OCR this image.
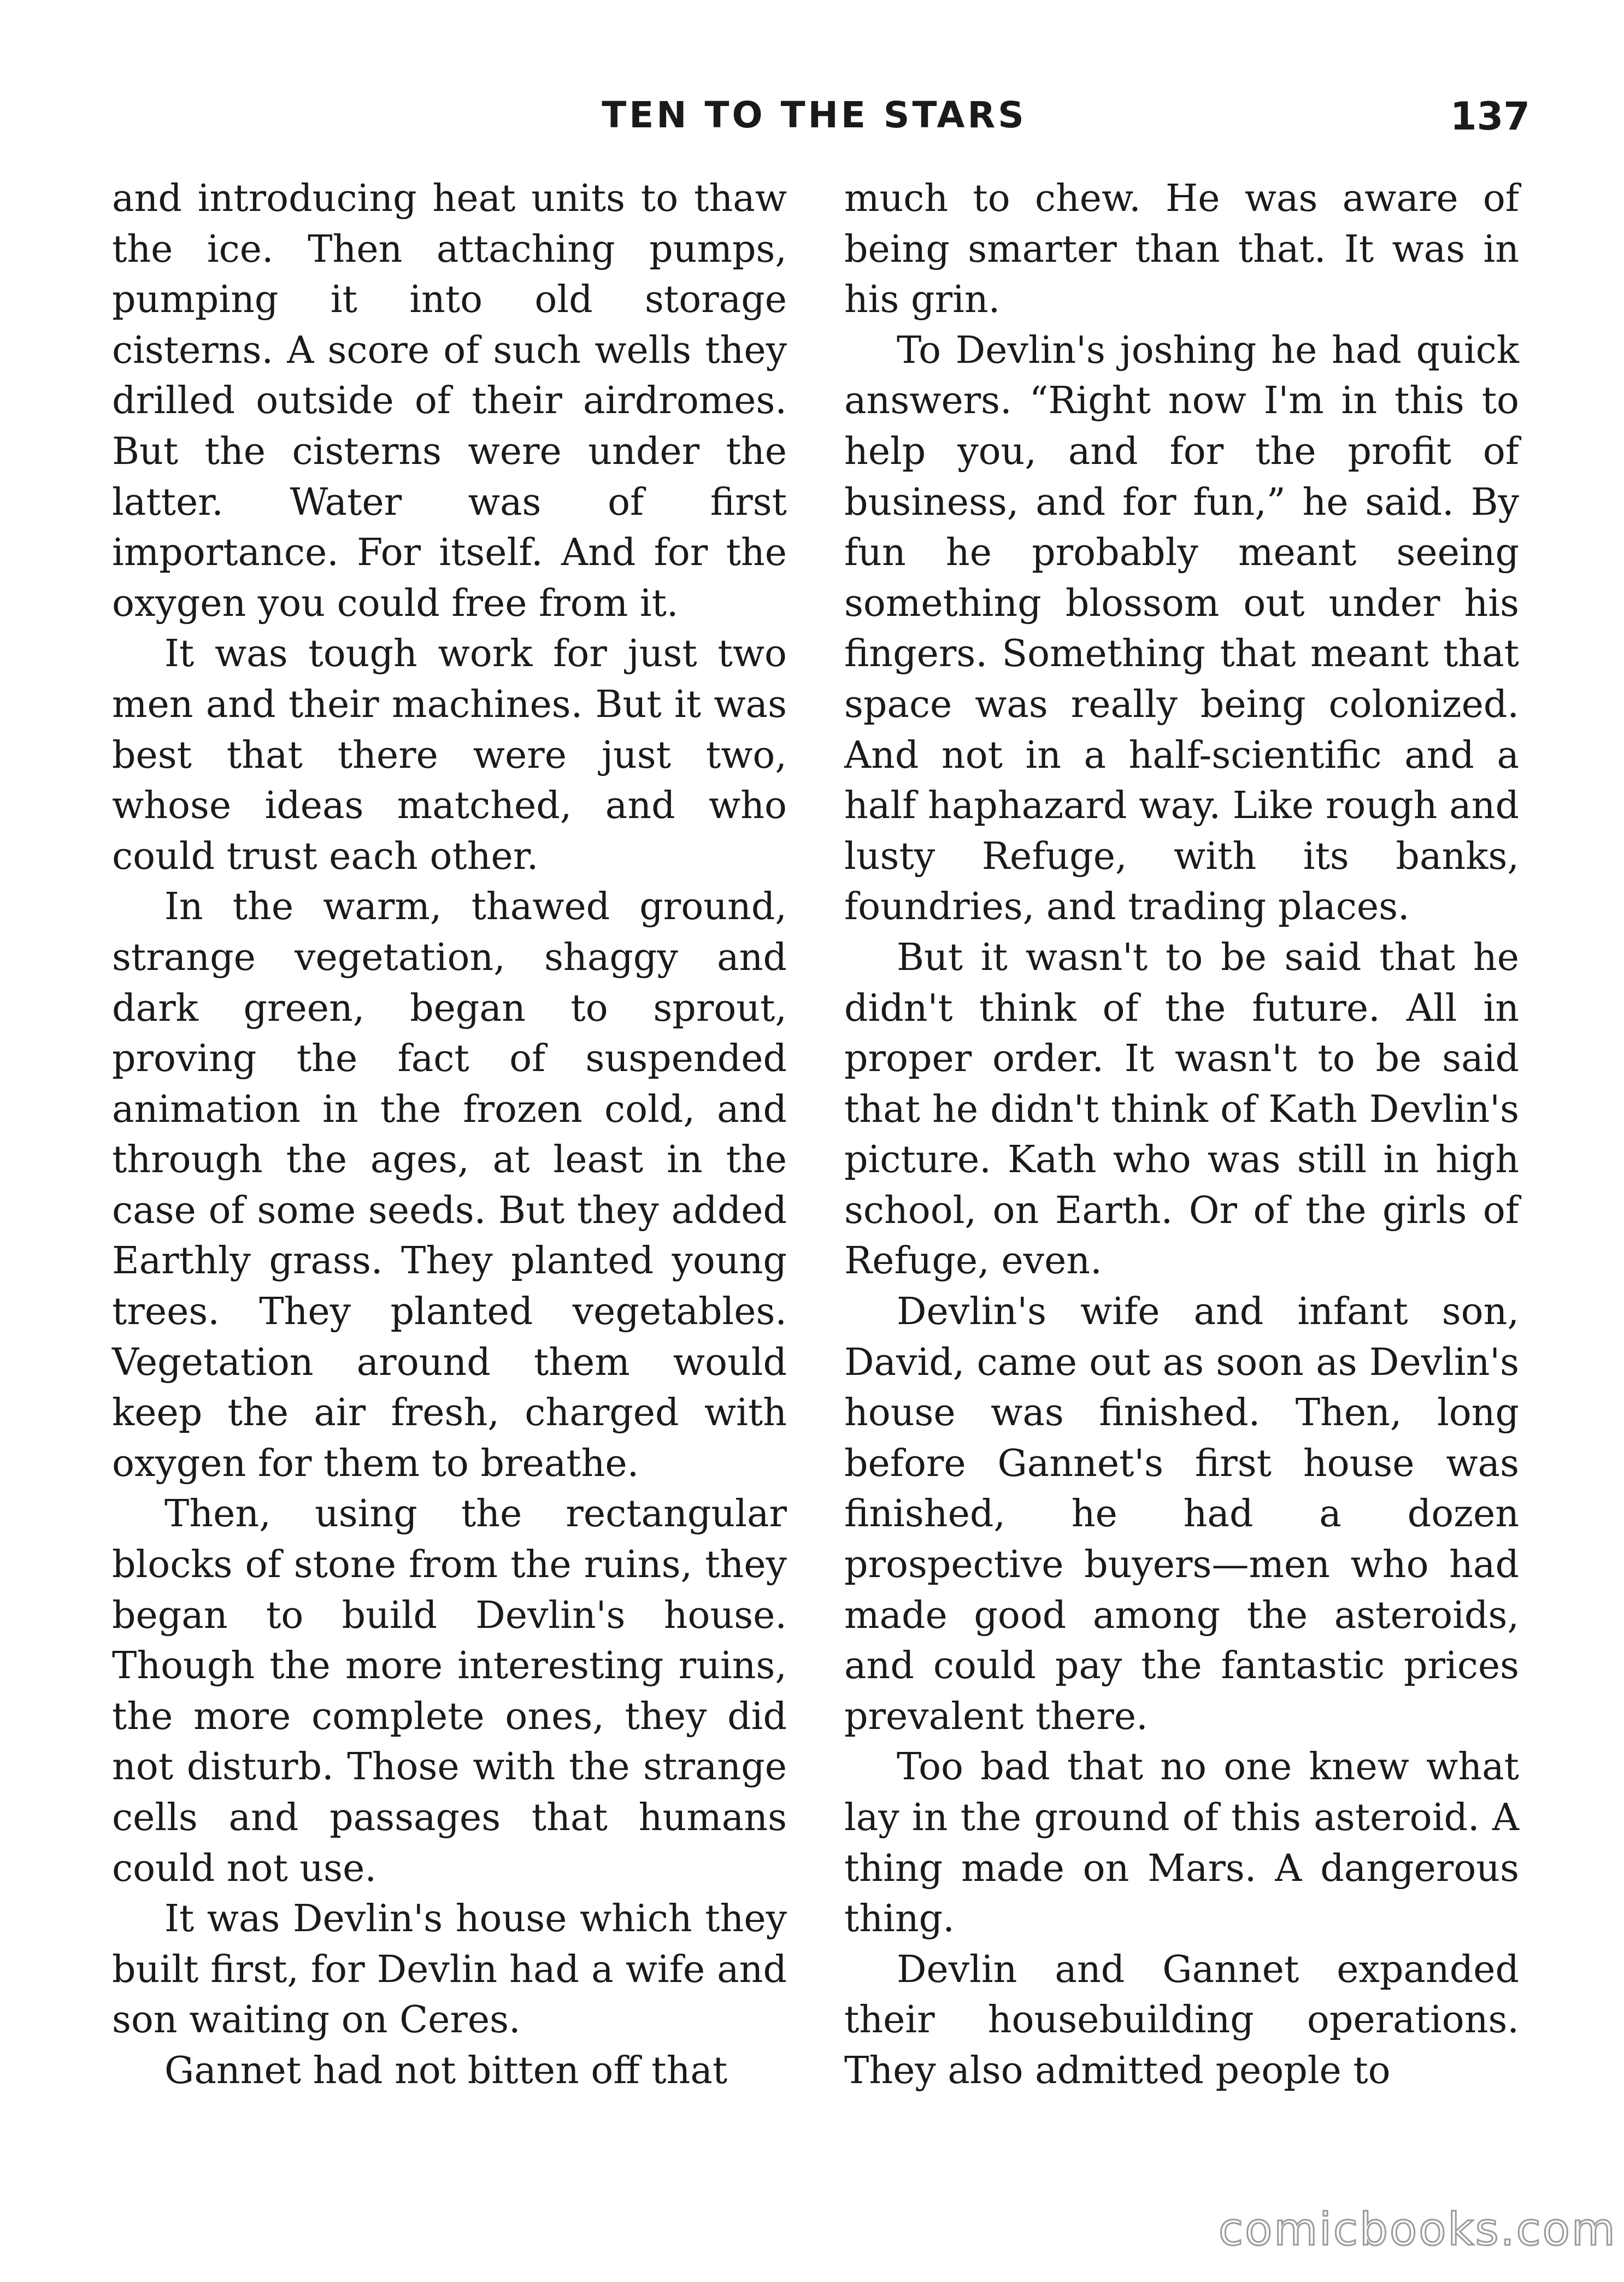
TEN TO THE STARS	137

and introducing heat units to thaw the ice. Then attaching pumps, pumping it into old storage cisterns. A score of such wells they drilled outside of their airdromes. But the cisterns were under the latter. Water was of first importance. For itself. And for the oxygen you could free from it.

It was tough work for just two men and their machines. But it was best that there were just two, whose ideas matched, and who could trust each other.

In the warm, thawed ground, strange vegetation, shaggy and dark green, began to sprout, proving the fact of suspended animation in the frozen cold, and through the ages, at least in the case of some seeds. But they added Earthly grass. They planted young trees. They planted vegetables. Vegetation around them would keep the air fresh, charged with oxygen for them to breathe.

Then, using the rectangular blocks of stone from the ruins, they began to build Devlin's house. Though the more interesting ruins, the more complete ones, they did not disturb. Those with the strange cells and passages that humans could not use.

It was Devlin's house which they built first, for Devlin had a wife and son waiting on Ceres.

Gannet had not bitten off that

much to chew. He was aware of being smarter than that. It was in his grin.

To Devlin's joshing he had quick answers. “Right now I'm in this to help you, and for the profit of business, and for fun,” he said. By fun he probably meant seeing something blossom out under his fingers. Something that meant that space was really being colonized. And not in a half-scientific and a half haphazard way. Like rough and lusty Refuge, with its banks, foundries, and trading places.

But it wasn't to be said that he didn't think of the future. All in proper order. It wasn't to be said that he didn't think of Kath Devlin's picture. Kath who was still in high school, on Earth. Or of the girls of Refuge, even.

Devlin's wife and infant son, David, came out as soon as Devlin's house was finished. Then, long before Gannet's first house was finished, he had a dozen prospective buyers—men who had made good among the asteroids, and could pay the fantastic prices prevalent there.

Too bad that no one knew what lay in the ground of this asteroid. A thing made on Mars. A dangerous thing.

Devlin and Gannet expanded their housebuilding operations. They also admitted people to

comicbooks.com
